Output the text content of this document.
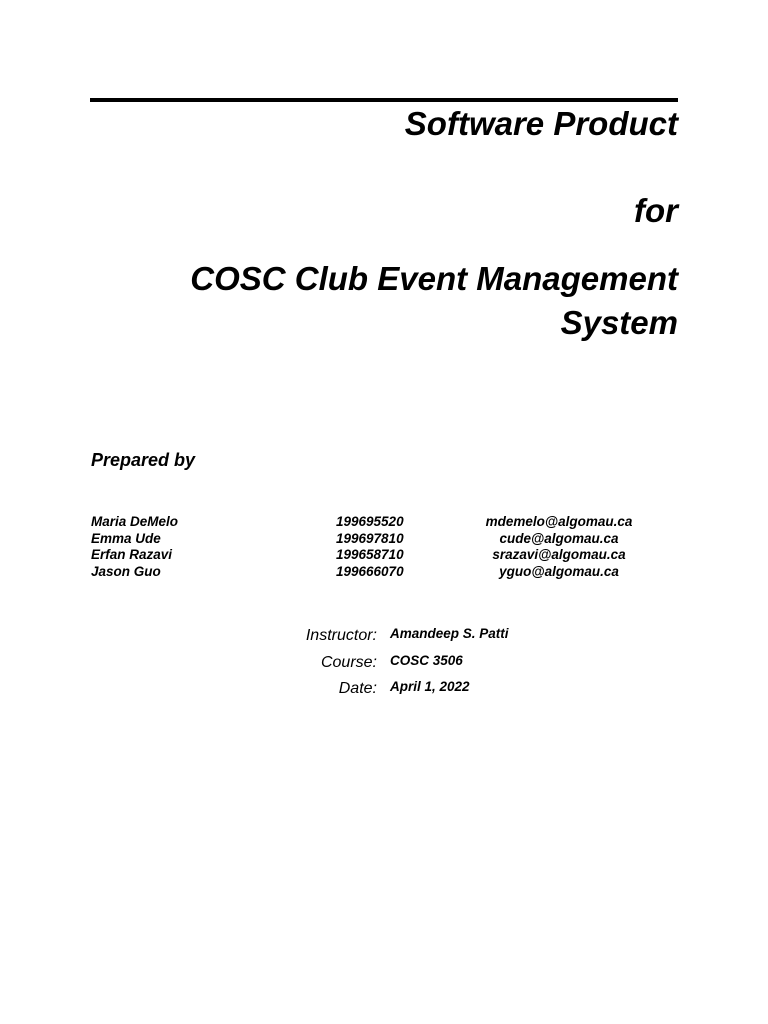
Software Product
for
COSC Club Event Management
System
Prepared by
Maria DeMelo	199695520	mdemelo@algomau.ca
Emma Ude	199697810	cude@algomau.ca
Erfan Razavi	199658710	srazavi@algomau.ca
Jason Guo	199666070	yguo@algomau.ca
Instructor: Amandeep S. Patti
Course: COSC 3506
Date: April 1, 2022
